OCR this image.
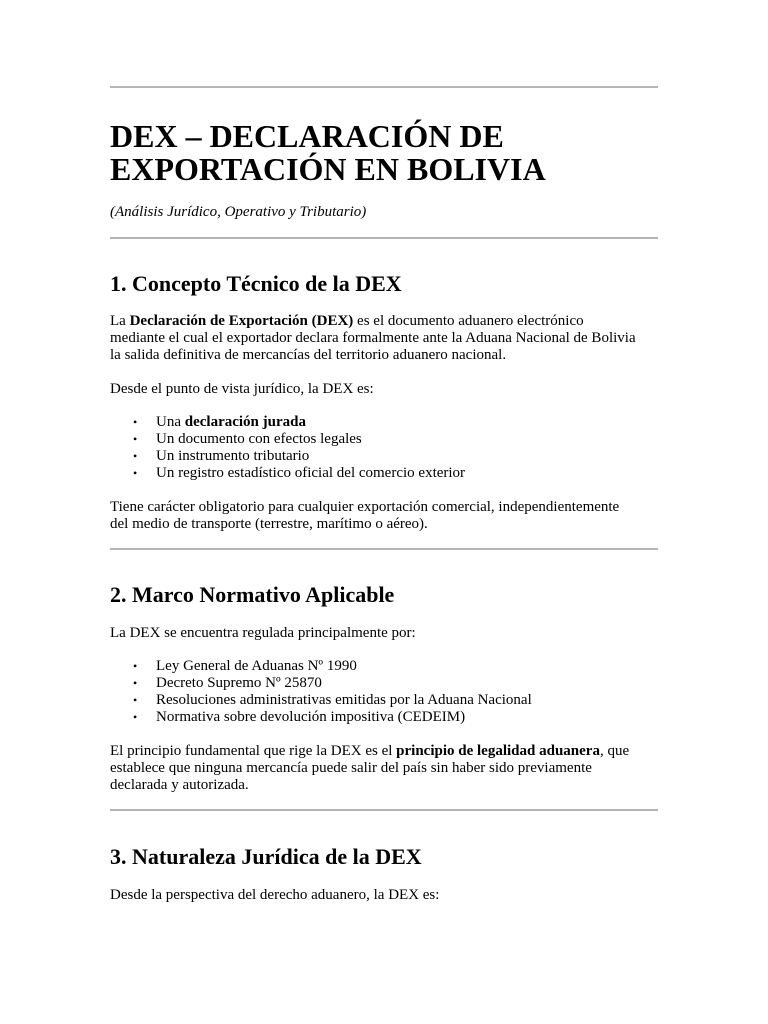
DEX – DECLARACIÓN DE
EXPORTACIÓN EN BOLIVIA
(Análisis Jurídico, Operativo y Tributario)
1. Concepto Técnico de la DEX
La Declaración de Exportación (DEX) es el documento aduanero electrónico
mediante el cual el exportador declara formalmente ante la Aduana Nacional de Bolivia
la salida definitiva de mercancías del territorio aduanero nacional.
Desde el punto de vista jurídico, la DEX es:
• Una declaración jurada
• Un documento con efectos legales
• Un instrumento tributario
• Un registro estadístico oficial del comercio exterior
Tiene carácter obligatorio para cualquier exportación comercial, independientemente
del medio de transporte (terrestre, marítimo o aéreo).
2. Marco Normativo Aplicable
La DEX se encuentra regulada principalmente por:
• Ley General de Aduanas Nº 1990
• Decreto Supremo Nº 25870
• Resoluciones administrativas emitidas por la Aduana Nacional
• Normativa sobre devolución impositiva (CEDEIM)
El principio fundamental que rige la DEX es el principio de legalidad aduanera, que
establece que ninguna mercancía puede salir del país sin haber sido previamente
declarada y autorizada.
3. Naturaleza Jurídica de la DEX
Desde la perspectiva del derecho aduanero, la DEX es:
